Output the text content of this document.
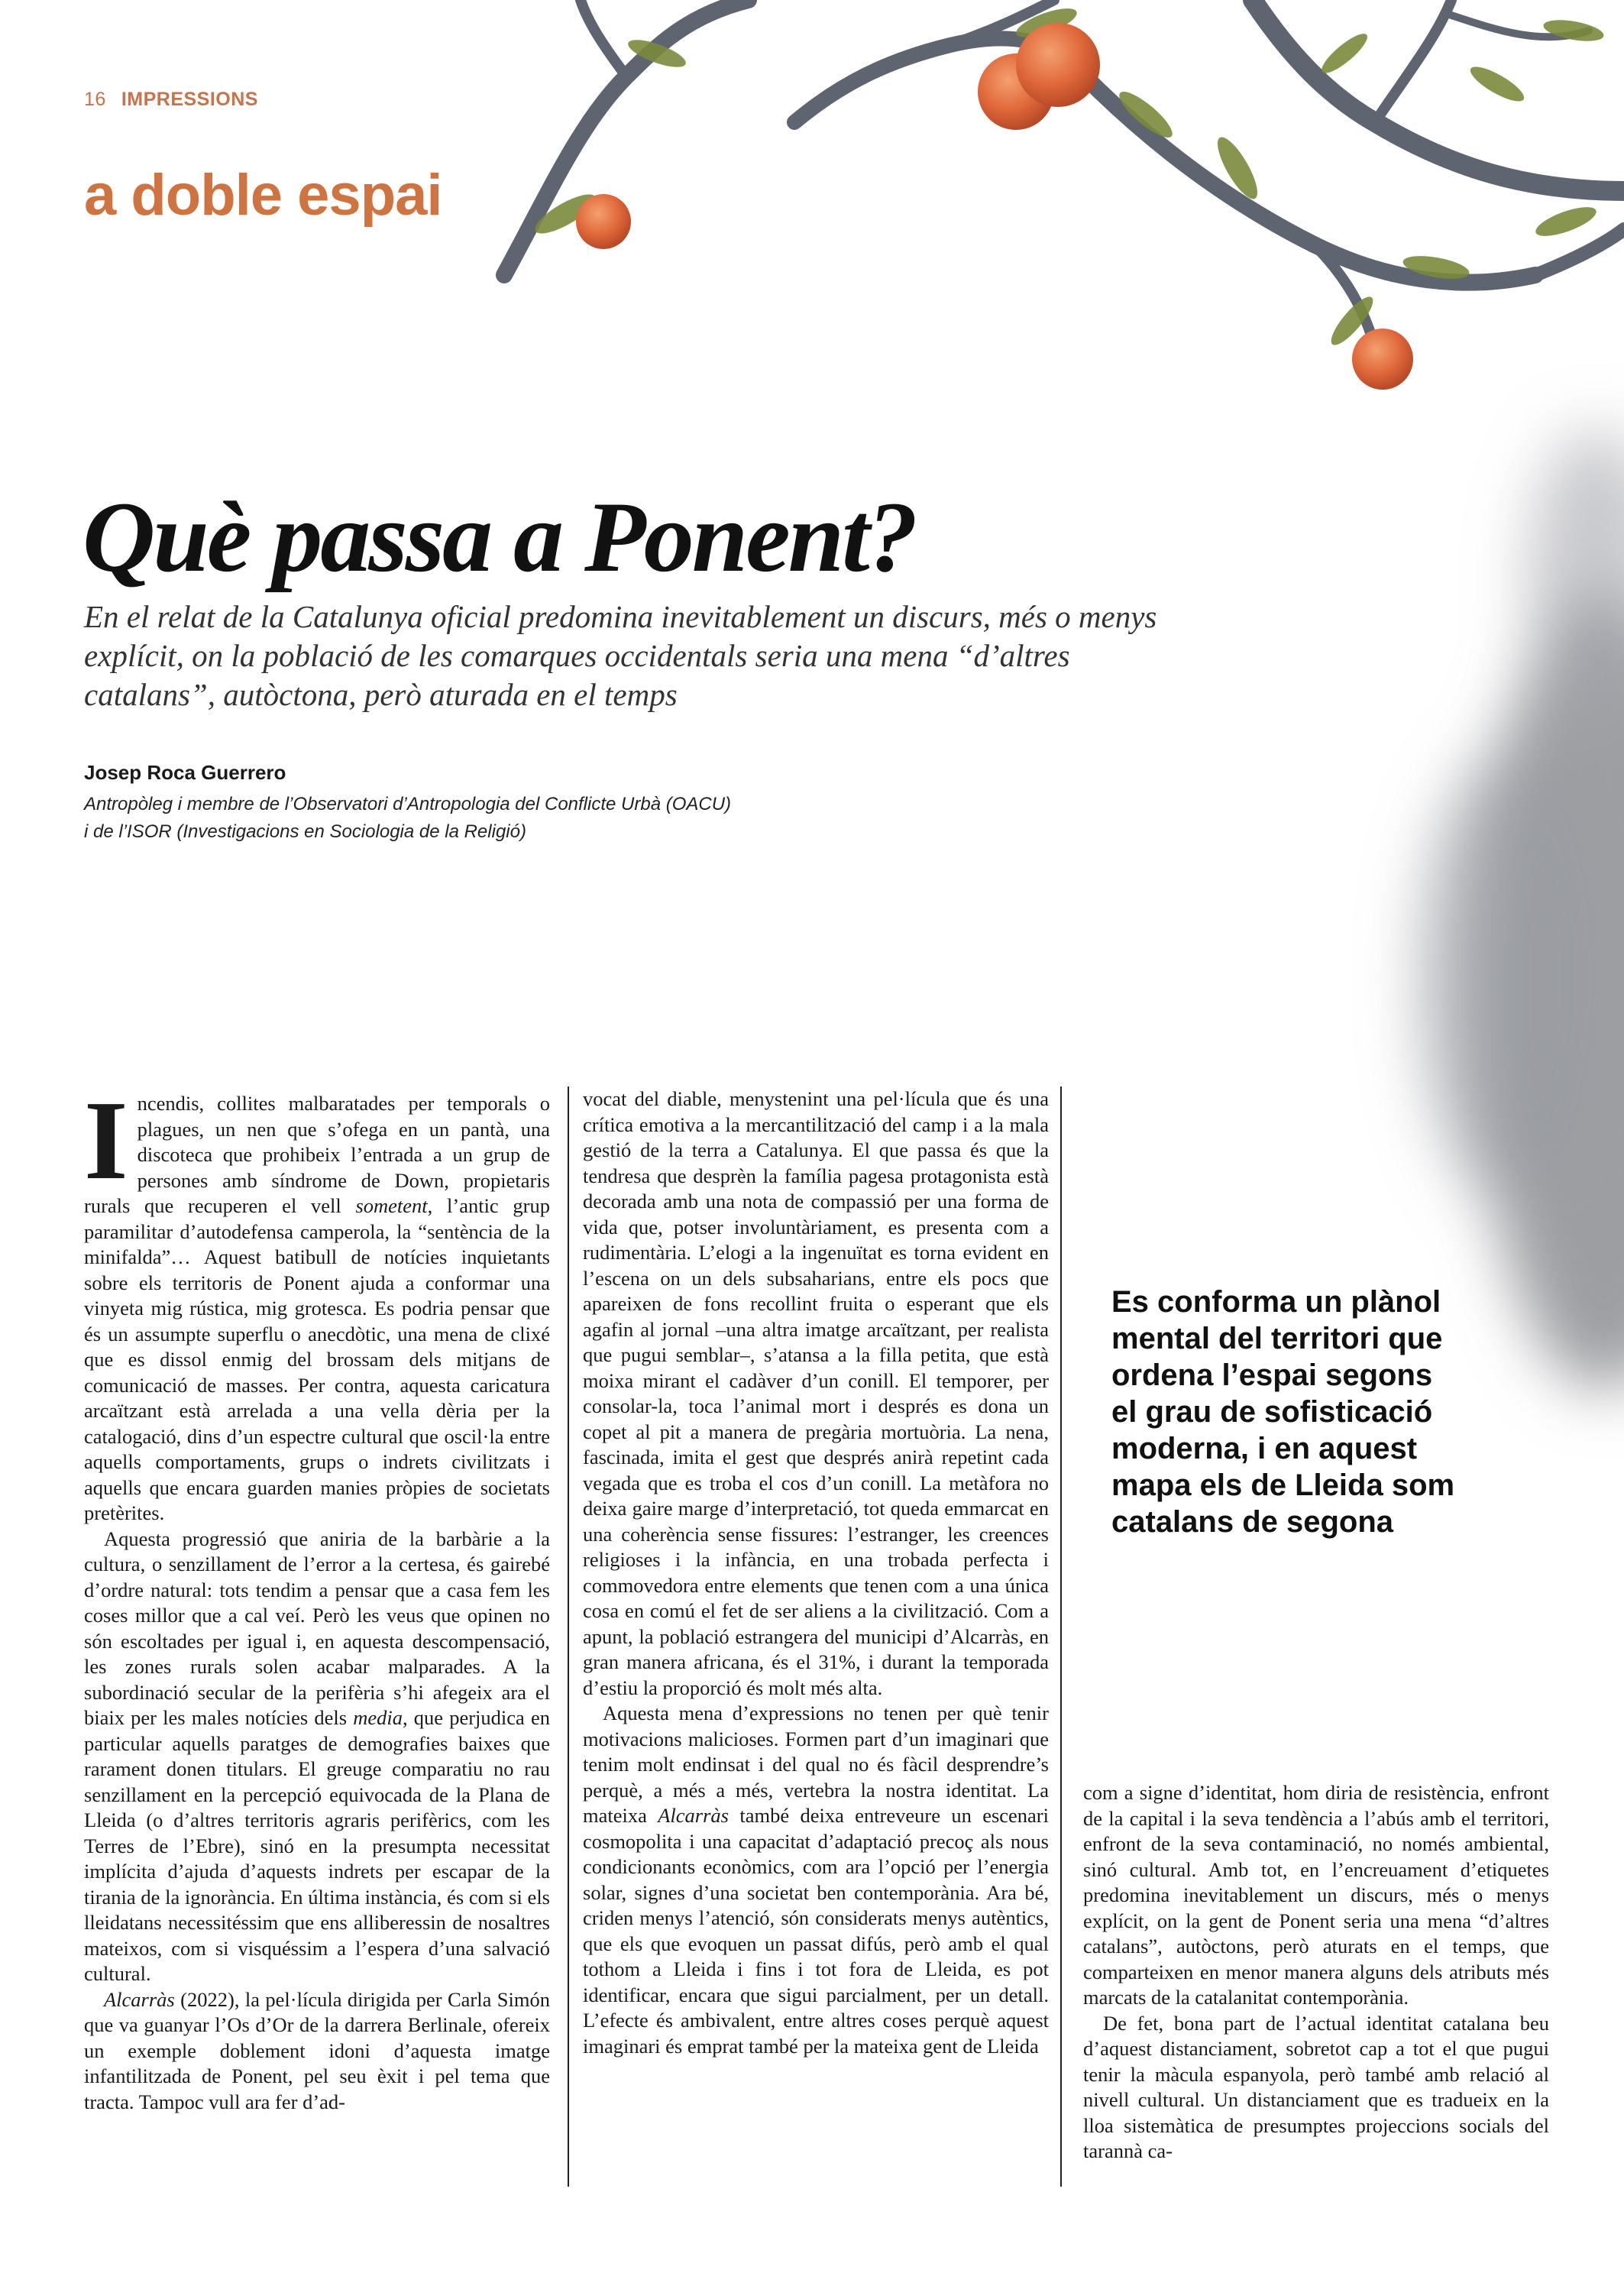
16 IMPRESSIONS
a doble espai
Què passa a Ponent?

En el relat de la Catalunya oficial predomina inevitablement un discurs, més o menys explícit, on la població de les comarques occidentals seria una mena “d’altres catalans”, autòctona, però aturada en el temps

Josep Roca Guerrero
Antropòleg i membre de l’Observatori d’Antropologia del Conflicte Urbà (OACU)
i de l’ISOR (Investigacions en Sociologia de la Religió)

Incendis, collites malbaratades per temporals o plagues, un nen que s’ofega en un pantà, una discoteca que prohibeix l’entrada a un grup de persones amb síndrome de Down, propietaris rurals que recuperen el vell sometent, l’antic grup paramilitar d’autodefensa camperola, la “sentència de la minifalda”… Aquest batibull de notícies inquietants sobre els territoris de Ponent ajuda a conformar una vinyeta mig rústica, mig grotesca. Es podria pensar que és un assumpte superflu o anecdòtic, una mena de clixé que es dissol enmig del brossam dels mitjans de comunicació de masses. Per contra, aquesta caricatura arcaïtzant està arrelada a una vella dèria per la catalogació, dins d’un espectre cultural que oscil·la entre aquells comportaments, grups o indrets civilitzats i aquells que encara guarden manies pròpies de societats pretèrites.

Aquesta progressió que aniria de la barbàrie a la cultura, o senzillament de l’error a la certesa, és gairebé d’ordre natural: tots tendim a pensar que a casa fem les coses millor que a cal veí. Però les veus que opinen no són escoltades per igual i, en aquesta descompensació, les zones rurals solen acabar malparades. A la subordinació secular de la perifèria s’hi afegeix ara el biaix per les males notícies dels media, que perjudica en particular aquells paratges de demografies baixes que rarament donen titulars. El greuge comparatiu no rau senzillament en la percepció equivocada de la Plana de Lleida (o d’altres territoris agraris perifèrics, com les Terres de l’Ebre), sinó en la presumpta necessitat implícita d’ajuda d’aquests indrets per escapar de la tirania de la ignorància. En última instància, és com si els lleidatans necessitéssim que ens alliberessin de nosaltres mateixos, com si visquéssim a l’espera d’una salvació cultural.

Alcarràs (2022), la pel·lícula dirigida per Carla Simón que va guanyar l’Os d’Or de la darrera Berlinale, ofereix un exemple doblement idoni d’aquesta imatge infantilitzada de Ponent, pel seu èxit i pel tema que tracta. Tampoc vull ara fer d’ad-

vocat del diable, menystenint una pel·lícula que és una crítica emotiva a la mercantilització del camp i a la mala gestió de la terra a Catalunya. El que passa és que la tendresa que desprèn la família pagesa protagonista està decorada amb una nota de compassió per una forma de vida que, potser involuntàriament, es presenta com a rudimentària. L’elogi a la ingenuïtat es torna evident en l’escena on un dels subsaharians, entre els pocs que apareixen de fons recollint fruita o esperant que els agafin al jornal –una altra imatge arcaïtzant, per realista que pugui semblar–, s’atansa a la filla petita, que està moixa mirant el cadàver d’un conill. El temporer, per consolar-la, toca l’animal mort i després es dona un copet al pit a manera de pregària mortuòria. La nena, fascinada, imita el gest que després anirà repetint cada vegada que es troba el cos d’un conill. La metàfora no deixa gaire marge d’interpretació, tot queda emmarcat en una coherència sense fissures: l’estranger, les creences religioses i la infància, en una trobada perfecta i commovedora entre elements que tenen com a una única cosa en comú el fet de ser aliens a la civilització. Com a apunt, la població estrangera del municipi d’Alcarràs, en gran manera africana, és el 31%, i durant la temporada d’estiu la proporció és molt més alta.

Aquesta mena d’expressions no tenen per què tenir motivacions malicioses. Formen part d’un imaginari que tenim molt endinsat i del qual no és fàcil desprendre’s perquè, a més a més, vertebra la nostra identitat. La mateixa Alcarràs també deixa entreveure un escenari cosmopolita i una capacitat d’adaptació precoç als nous condicionants econòmics, com ara l’opció per l’energia solar, signes d’una societat ben contemporània. Ara bé, criden menys l’atenció, són considerats menys autèntics, que els que evoquen un passat difús, però amb el qual tothom a Lleida i fins i tot fora de Lleida, es pot identificar, encara que sigui parcialment, per un detall. L’efecte és ambivalent, entre altres coses perquè aquest imaginari és emprat també per la mateixa gent de Lleida

Es conforma un plànol mental del territori que ordena l’espai segons el grau de sofisticació moderna, i en aquest mapa els de Lleida som catalans de segona

com a signe d’identitat, hom diria de resistència, enfront de la capital i la seva tendència a l’abús amb el territori, enfront de la seva contaminació, no només ambiental, sinó cultural. Amb tot, en l’encreuament d’etiquetes predomina inevitablement un discurs, més o menys explícit, on la gent de Ponent seria una mena “d’altres catalans”, autòctons, però aturats en el temps, que comparteixen en menor manera alguns dels atributs més marcats de la catalanitat contemporània.

De fet, bona part de l’actual identitat catalana beu d’aquest distanciament, sobretot cap a tot el que pugui tenir la màcula espanyola, però també amb relació al nivell cultural. Un distanciament que es tradueix en la lloa sistemàtica de presumptes projeccions socials del tarannà ca-
